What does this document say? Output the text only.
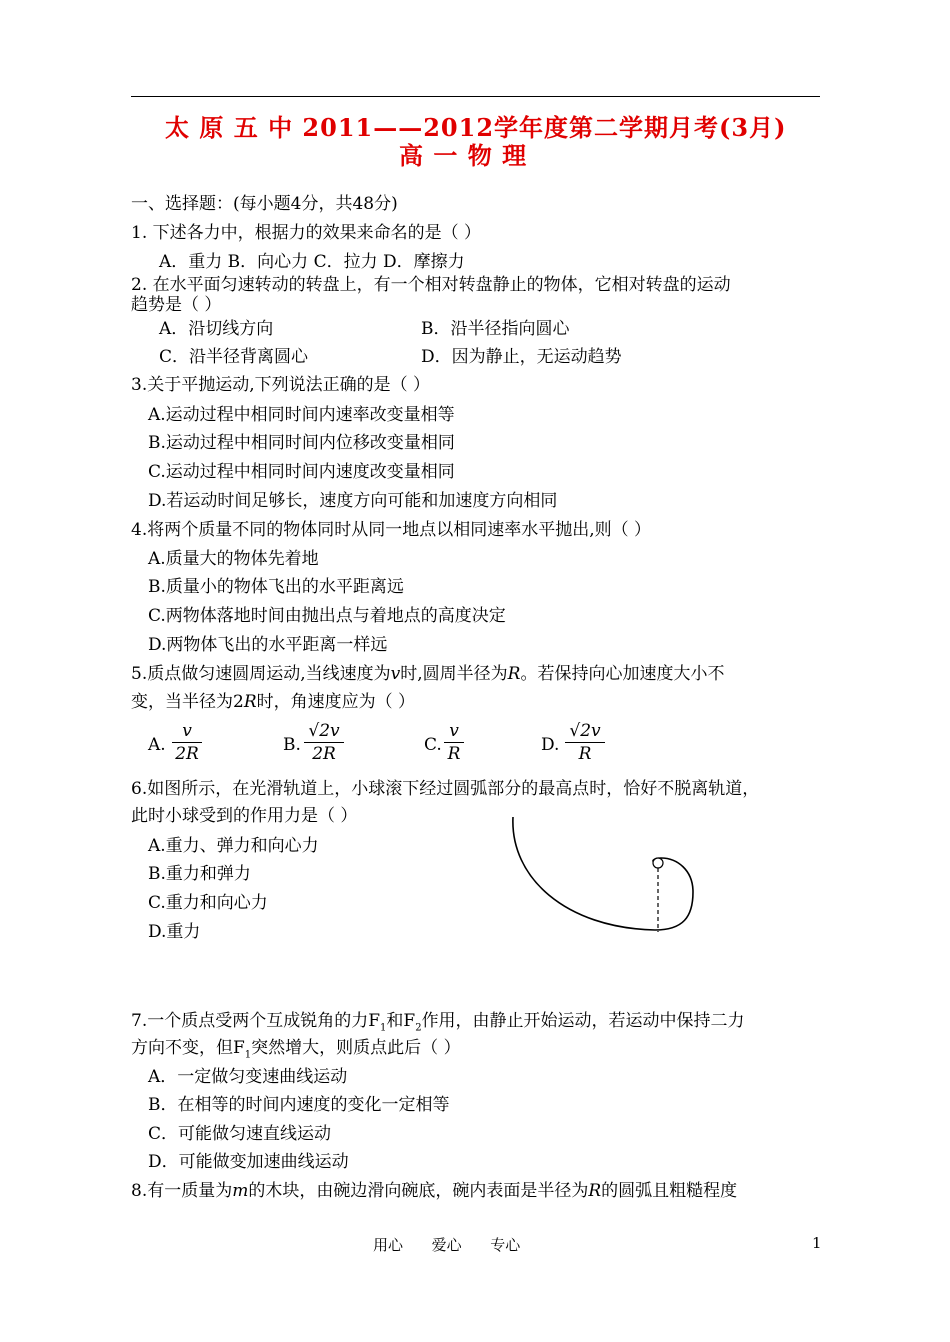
太 原 五 中 2011——2012学年度第二学期月考(3月)
高 一 物 理
一、选择题：(每小题4分，共48分)
1. 下述各力中，根据力的效果来命名的是（ ）
A．重力 B．向心力 C．拉力 D．摩擦力
2. 在水平面匀速转动的转盘上，有一个相对转盘静止的物体，它相对转盘的运动
趋势是（ ）
A．沿切线方向	B．沿半径指向圆心
C．沿半径背离圆心	D．因为静止，无运动趋势
3.关于平抛运动,下列说法正确的是（ ）
A.运动过程中相同时间内速率改变量相等
B.运动过程中相同时间内位移改变量相同
C.运动过程中相同时间内速度改变量相同
D.若运动时间足够长，速度方向可能和加速度方向相同
4.将两个质量不同的物体同时从同一地点以相同速率水平抛出,则（ ）
A.质量大的物体先着地
B.质量小的物体飞出的水平距离远
C.两物体落地时间由抛出点与着地点的高度决定
D.两物体飞出的水平距离一样远
5.质点做匀速圆周运动,当线速度为v时,圆周半径为R。若保持向心加速度大小不
变，当半径为2R时，角速度应为（ ）
A.
v
2R	B.
√2v
2R	C.
v
R	D.
√2v
R
6.如图所示，在光滑轨道上，小球滚下经过圆弧部分的最高点时，恰好不脱离轨道，
此时小球受到的作用力是（ ）
A.重力、弹力和向心力
B.重力和弹力
C.重力和向心力
D.重力
7.一个质点受两个互成锐角的力$F_1$和$F_2$作用，由静止开始运动，若运动中保持二力
方向不变，但$F_1$突然增大，则质点此后（ ）
A．一定做匀变速曲线运动
B．在相等的时间内速度的变化一定相等
C．可能做匀速直线运动
D．可能做变加速曲线运动
8.有一质量为m的木块，由碗边滑向碗底，碗内表面是半径为R的圆弧且粗糙程度
用心      爱心      专心	1
